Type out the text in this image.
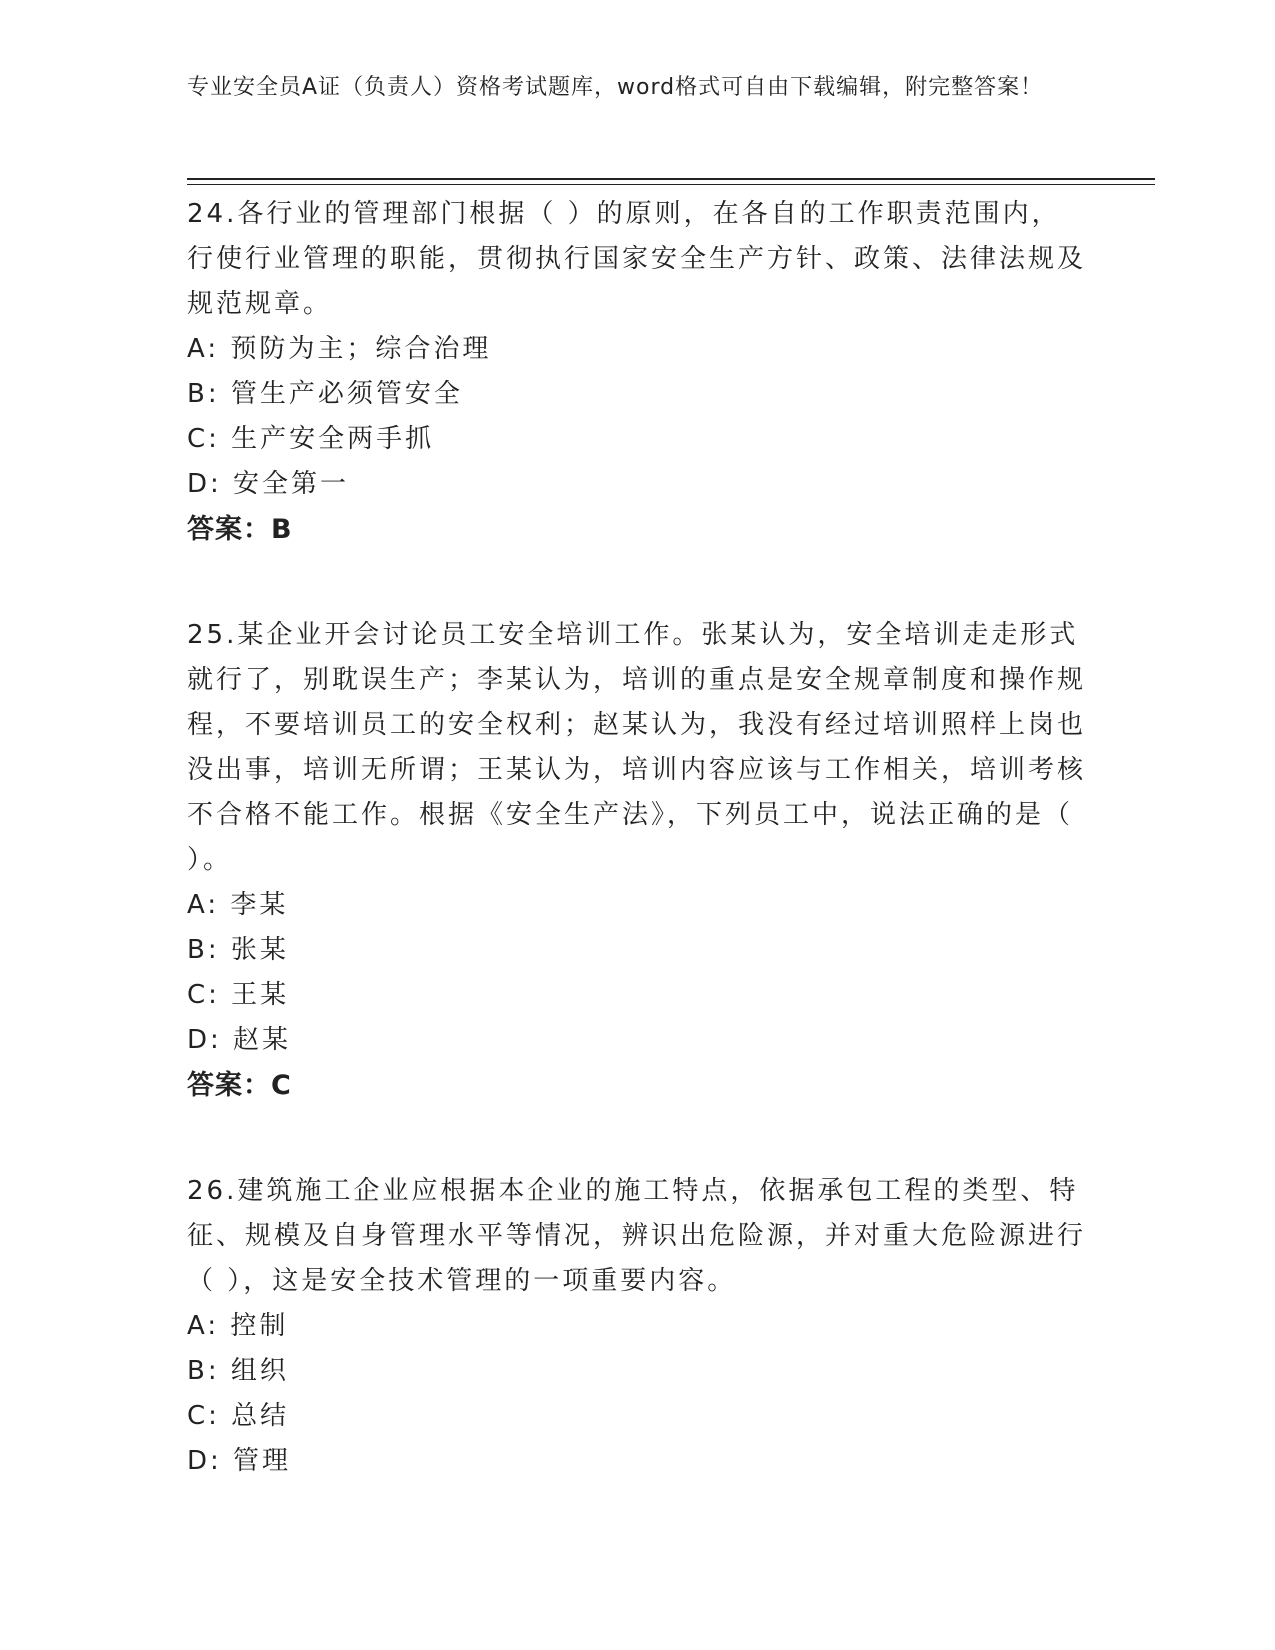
专业安全员A证（负责人）资格考试题库，word格式可自由下载编辑，附完整答案！
24.各行业的管理部门根据（ ）的原则，在各自的工作职责范围内，行使行业管理的职能，贯彻执行国家安全生产方针、政策、法律法规及规范规章。
A: 预防为主；综合治理
B: 管生产必须管安全
C: 生产安全两手抓
D: 安全第一
答案：B
25.某企业开会讨论员工安全培训工作。张某认为，安全培训走走形式就行了，别耽误生产；李某认为，培训的重点是安全规章制度和操作规程，不要培训员工的安全权利；赵某认为，我没有经过培训照样上岗也没出事，培训无所谓；王某认为，培训内容应该与工作相关，培训考核不合格不能工作。根据《安全生产法》，下列员工中，说法正确的是（ ）。
A: 李某
B: 张某
C: 王某
D: 赵某
答案：C
26.建筑施工企业应根据本企业的施工特点，依据承包工程的类型、特征、规模及自身管理水平等情况，辨识出危险源，并对重大危险源进行（ ），这是安全技术管理的一项重要内容。
A: 控制
B: 组织
C: 总结
D: 管理
